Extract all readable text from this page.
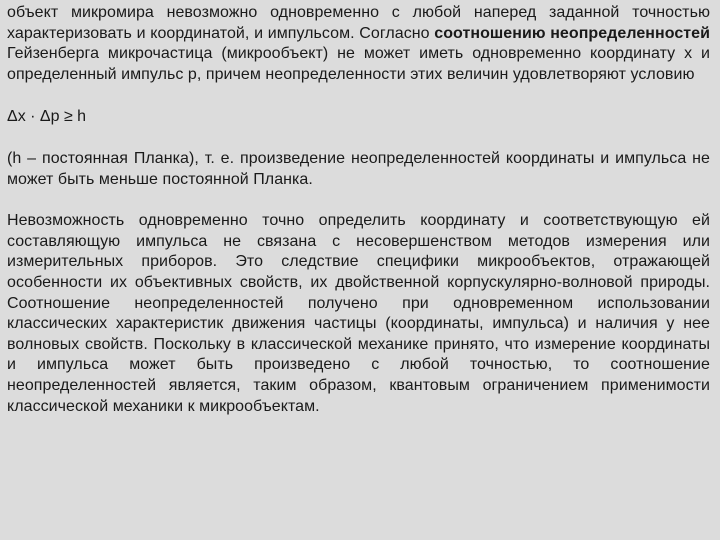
объект микромира невозможно одновременно с любой наперед заданной точностью характеризовать и координатой, и импульсом. Согласно соотношению неопределенностей Гейзенберга микрочастица (микрообъект) не может иметь одновременно координату x и определенный импульс p, причем неопределенности этих величин удовлетворяют условию

Δx · Δp ≥ h

(h – постоянная Планка), т. е. произведение неопределенностей координаты и импульса не может быть меньше постоянной Планка.

Невозможность одновременно точно определить координату и соответствующую ей составляющую импульса не связана с несовершенством методов измерения или измерительных приборов. Это следствие специфики микрообъектов, отражающей особенности их объективных свойств, их двойственной корпускулярно-волновой природы. Соотношение неопределенностей получено при одновременном использовании классических характеристик движения частицы (координаты, импульса) и наличия у нее волновых свойств. Поскольку в классической механике принято, что измерение координаты и импульса может быть произведено с любой точностью, то соотношение неопределенностей является, таким образом, квантовым ограничением применимости классической механики к микрообъектам.
